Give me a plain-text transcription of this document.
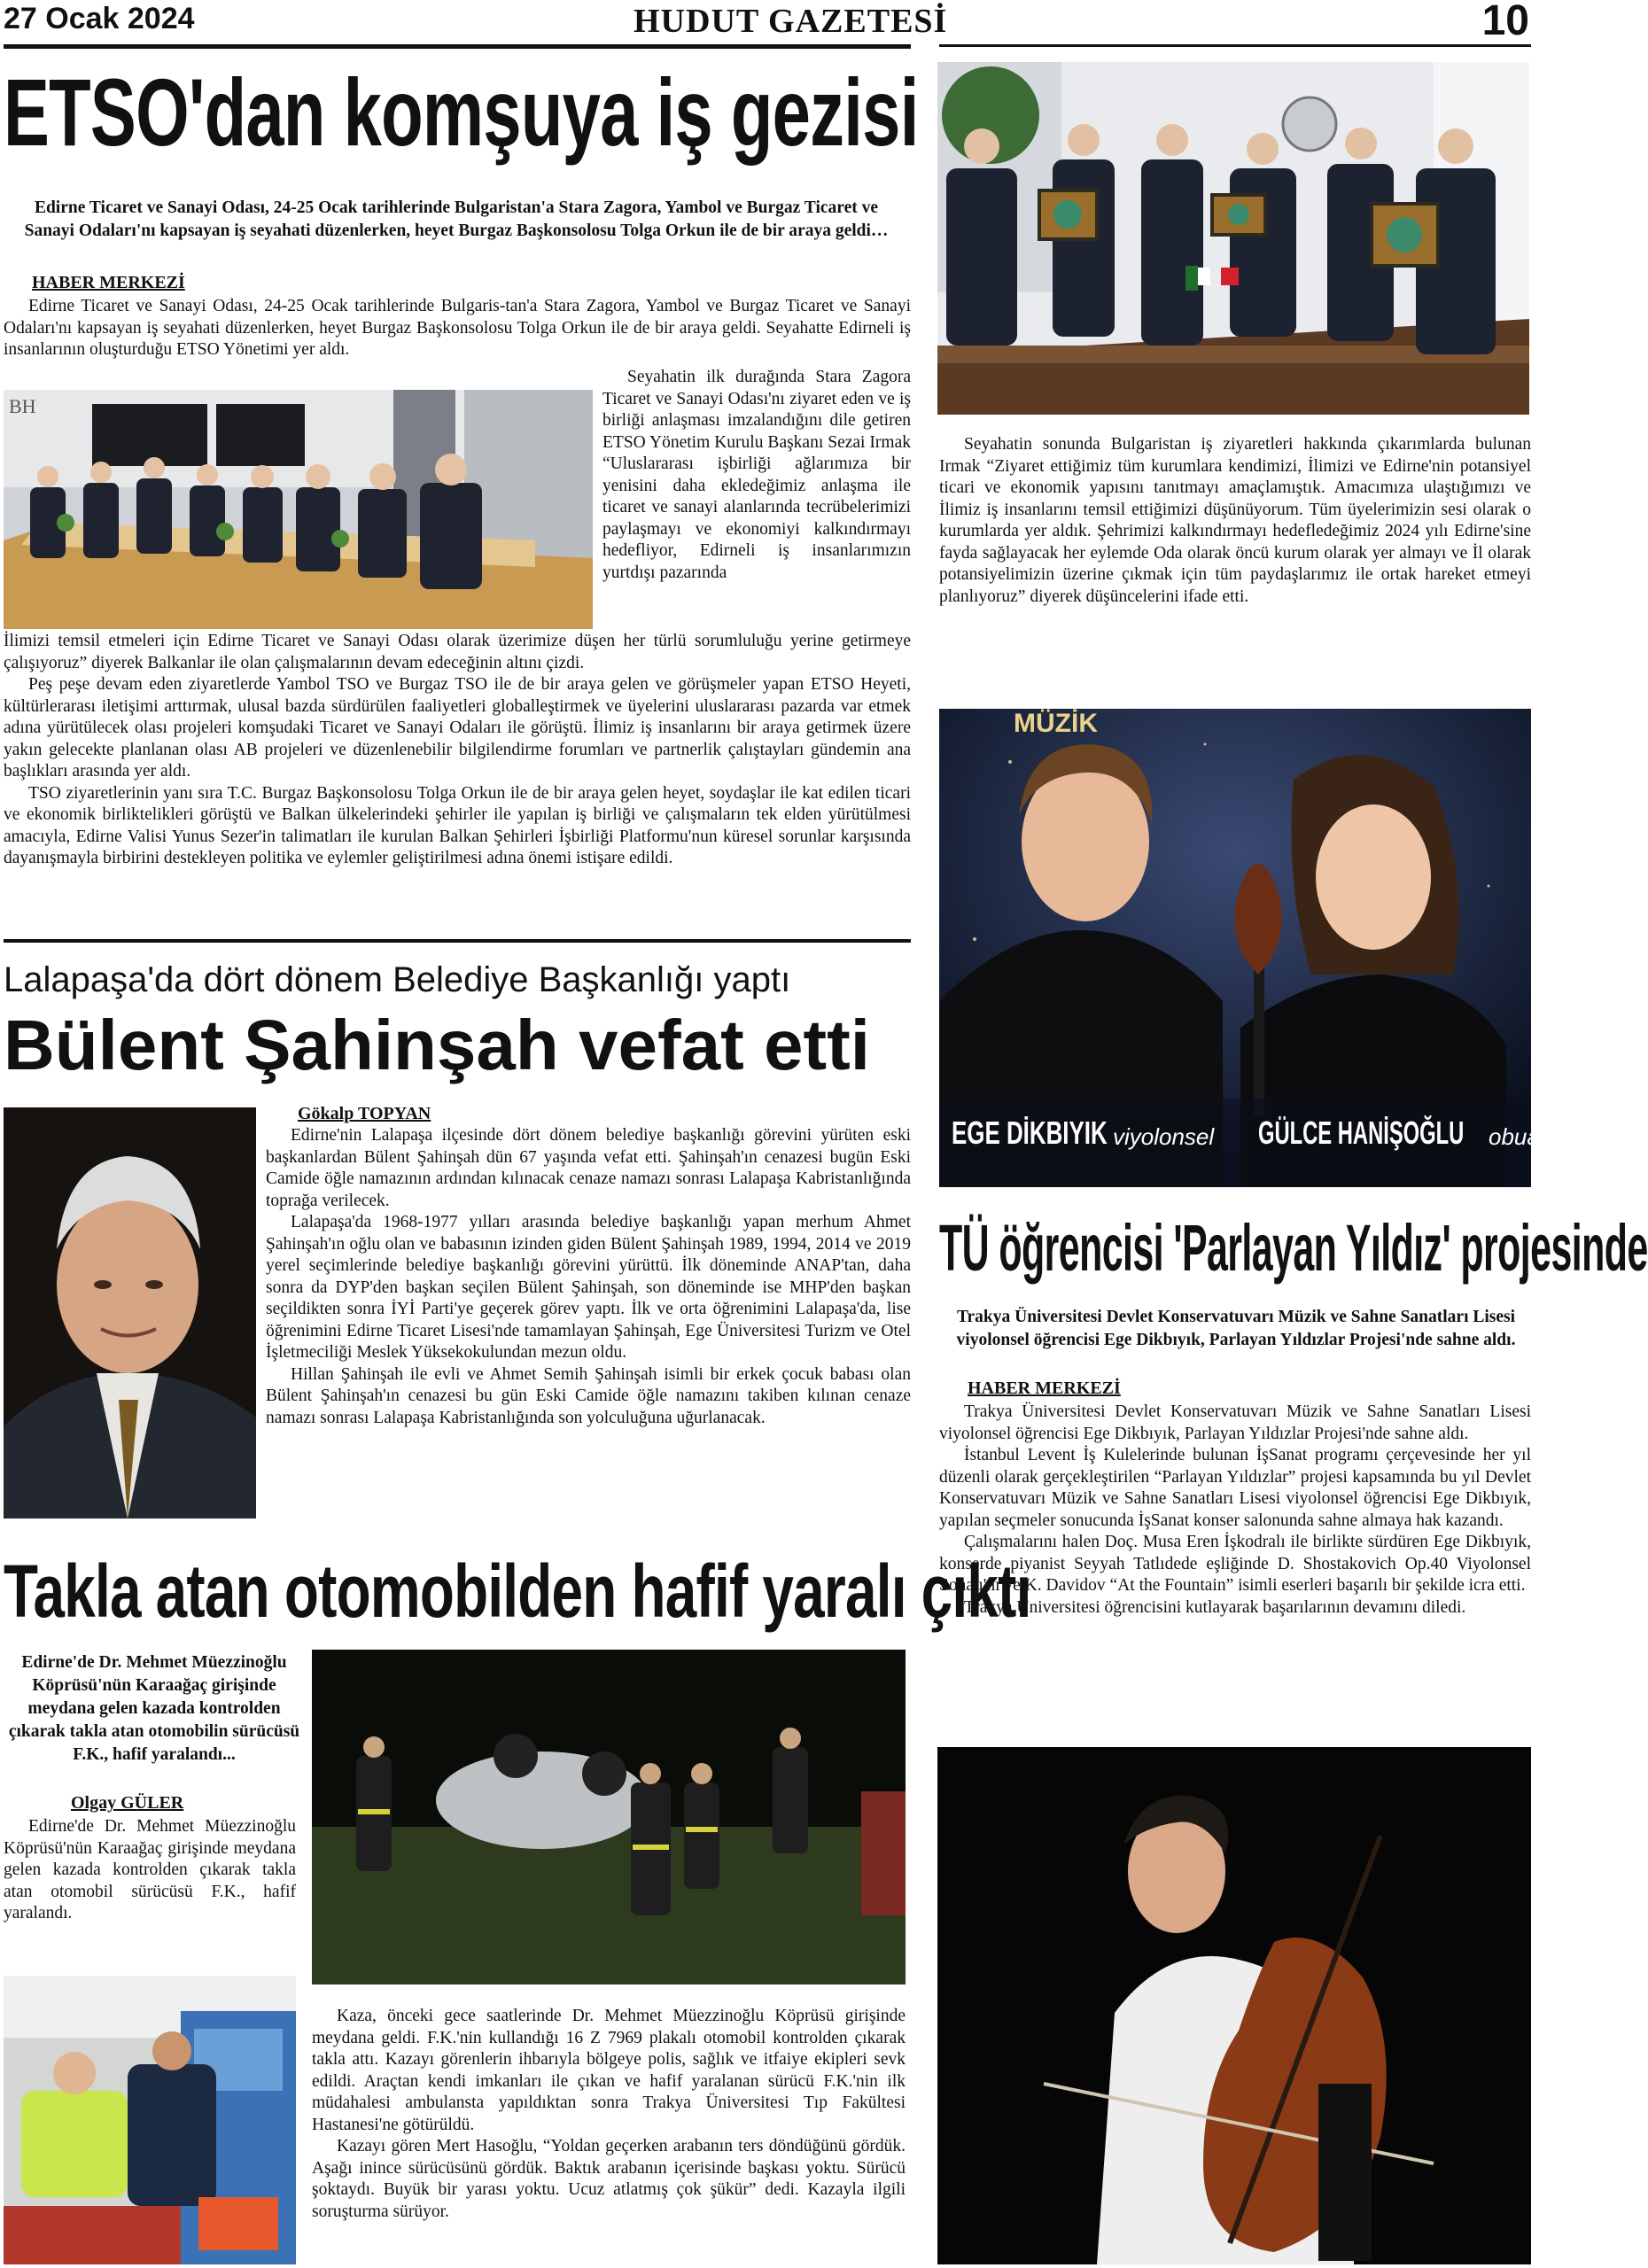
27 Ocak 2024	HUDUT GAZETESİ	10
ETSO'dan komşuya iş gezisi
Edirne Ticaret ve Sanayi Odası, 24-25 Ocak tarihlerinde Bulgaristan'a Stara Zagora, Yambol ve Burgaz Ticaret ve Sanayi Odaları'nı kapsayan iş seyahati düzenlerken, heyet Burgaz Başkonsolosu Tolga Orkun ile de bir araya geldi…
HABER MERKEZİ

Edirne Ticaret ve Sanayi Odası, 24-25 Ocak tarihlerinde Bulgaris-tan'a Stara Zagora, Yambol ve Burgaz Ticaret ve Sanayi Odaları'nı kapsayan iş seyahati düzenlerken, heyet Burgaz Başkonsolosu Tolga Orkun ile de bir araya geldi. Seyahatte Edirneli iş insanlarının oluşturduğu ETSO Yönetimi yer aldı.

BH

Seyahatin ilk durağında Stara Zagora Ticaret ve Sanayi Odası'nı ziyaret eden ve iş birliği anlaşması imzalandığını dile getiren ETSO Yönetim Kurulu Başkanı Sezai Irmak “Uluslararası işbirliği ağlarımıza bir yenisini daha ekledeğimiz anlaşma ile ticaret ve sanayi alanlarında tecrübelerimizi paylaşmayı ve ekonomiyi kalkındırmayı hedefliyor, Edirneli iş insanlarımızın yurtdışı pazarında

İlimizi temsil etmeleri için Edirne Ticaret ve Sanayi Odası olarak üzerimize düşen her türlü sorumluluğu yerine getirmeye çalışıyoruz” diyerek Balkanlar ile olan çalışmalarının devam edeceğinin altını çizdi.

Peş peşe devam eden ziyaretlerde Yambol TSO ve Burgaz TSO ile de bir araya gelen ve görüşmeler yapan ETSO Heyeti, kültürlerarası iletişimi arttırmak, ulusal bazda sürdürülen faaliyetleri globalleştirmek ve üyelerini uluslararası pazarda var etmek adına yürütülecek olası projeleri komşudaki Ticaret ve Sanayi Odaları ile görüştü. İlimiz iş insanlarını bir araya getirmek üzere yakın gelecekte planlanan olası AB projeleri ve düzenlenebilir bilgilendirme forumları ve partnerlik çalıştayları gündemin ana başlıkları arasında yer aldı.

TSO ziyaretlerinin yanı sıra T.C. Burgaz Başkonsolosu Tolga Orkun ile de bir araya gelen heyet, soydaşlar ile kat edilen ticari ve ekonomik birliktelikleri görüştü ve Balkan ülkelerindeki şehirler ile yapılan iş birliği ve çalışmaların tek elden yürütülmesi amacıyla, Edirne Valisi Yunus Sezer'in talimatları ile kurulan Balkan Şehirleri İşbirliği Platformu'nun küresel sorunlar karşısında dayanışmayla birbirini destekleyen politika ve eylemler geliştirilmesi adına önemi istişare edildi.

Seyahatin sonunda Bulgaristan iş ziyaretleri hakkında çıkarımlarda bulunan Irmak “Ziyaret ettiğimiz tüm kurumlara kendimizi, İlimizi ve Edirne'nin potansiyel ticari ve ekonomik yapısını tanıtmayı amaçlamıştık. Amacımıza ulaştığımızı ve İlimiz iş insanlarını temsil ettiğimizi düşünüyorum. Tüm üyelerimizin sesi olarak o kurumlarda yer aldık. Şehrimizi kalkındırmayı hedefledeğimiz 2024 yılı Edirne'sine fayda sağlayacak her eylemde Oda olarak öncü kurum olarak yer almayı ve İl olarak potansiyelimizin üzerine çıkmak için tüm paydaşlarımız ile ortak hareket etmeyi planlıyoruz” diyerek düşüncelerini ifade etti.

Lalapaşa'da dört dönem Belediye Başkanlığı yaptı
Bülent Şahinşah vefat etti
Gökalp TOPYAN

Edirne'nin Lalapaşa ilçesinde dört dönem belediye başkanlığı görevini yürüten eski başkanlardan Bülent Şahinşah dün 67 yaşında vefat etti. Şahinşah'ın cenazesi bugün Eski Camide öğle namazının ardından kılınacak cenaze namazı sonrası Lalapaşa Kabristanlığında toprağa verilecek.

Lalapaşa'da 1968-1977 yılları arasında belediye başkanlığı yapan merhum Ahmet Şahinşah'ın oğlu olan ve babasının izinden giden Bülent Şahinşah 1989, 1994, 2014 ve 2019 yerel seçimlerinde belediye başkanlığı görevini yürüttü. İlk döneminde ANAP'tan, daha sonra da DYP'den başkan seçilen Bülent Şahinşah, son döneminde ise MHP'den başkan seçildikten sonra İYİ Parti'ye geçerek görev yaptı. İlk ve orta öğrenimini Lalapaşa'da, lise öğrenimini Edirne Ticaret Lisesi'nde tamamlayan Şahinşah, Ege Üniversitesi Turizm ve Otel İşletmeciliği Meslek Yüksekokulundan mezun oldu.

Hillan Şahinşah ile evli ve Ahmet Semih Şahinşah isimli bir erkek çocuk babası olan Bülent Şahinşah'ın cenazesi bu gün Eski Camide öğle namazını takiben kılınan cenaze namazı sonrası Lalapaşa Kabristanlığında son yolculuğuna uğurlanacak.

Takla atan otomobilden hafif yaralı çıktı
Edirne'de Dr. Mehmet Müezzinoğlu Köprüsü'nün Karaağaç girişinde meydana gelen kazada kontrolden çıkarak takla atan otomobilin sürücüsü F.K., hafif yaralandı...
Olgay GÜLER

Edirne'de Dr. Mehmet Müezzinoğlu Köprüsü'nün Karaağaç girişinde meydana gelen kazada kontrolden çıkarak takla atan otomobil sürücüsü F.K., hafif yaralandı.

Kaza, önceki gece saatlerinde Dr. Mehmet Müezzinoğlu Köprüsü girişinde meydana geldi. F.K.'nin kullandığı 16 Z 7969 plakalı otomobil kontrolden çıkarak takla attı. Kazayı görenlerin ihbarıyla bölgeye polis, sağlık ve itfaiye ekipleri sevk edildi. Araçtan kendi imkanları ile çıkan ve hafif yaralanan sürücü F.K.'nin ilk müdahalesi ambulansta yapıldıktan sonra Trakya Üniversitesi Tıp Fakültesi Hastanesi'ne götürüldü.

Kazayı gören Mert Hasoğlu, “Yoldan geçerken arabanın ters döndüğünü gördük. Aşağı inince sürücüsünü gördük. Baktık arabanın içerisinde başkası yoktu. Sürücü şoktaydı. Buyük bir yarası yoktu. Ucuz atlatmış çok şükür” dedi. Kazayla ilgili soruşturma sürüyor.

MÜZİK
EGE DİKBIYIK viyolonsel GÜLCE HANİŞOĞLU	obua
TÜ öğrencisi 'Parlayan Yıldız' projesinde
Trakya Üniversitesi Devlet Konservatuvarı Müzik ve Sahne Sanatları Lisesi viyolonsel öğrencisi Ege Dikbıyık, Parlayan Yıldızlar Projesi'nde sahne aldı.
HABER MERKEZİ

Trakya Üniversitesi Devlet Konservatuvarı Müzik ve Sahne Sanatları Lisesi viyolonsel öğrencisi Ege Dikbıyık, Parlayan Yıldızlar Projesi'nde sahne aldı.

İstanbul Levent İş Kulelerinde bulunan İşSanat programı çerçevesinde her yıl düzenli olarak gerçekleştirilen “Parlayan Yıldızlar” projesi kapsamında bu yıl Devlet Konservatuvarı Müzik ve Sahne Sanatları Lisesi viyolonsel öğrencisi Ege Dikbıyık, yapılan seçmeler sonucunda İşSanat konser salonunda sahne almaya hak kazandı.

Çalışmalarını halen Doç. Musa Eren İşkodralı ile birlikte sürdüren Ege Dikbıyık, konserde piyanist Seyyah Tatlıdede eşliğinde D. Shostakovich Op.40 Viyolonsel Sonatı'nı ve K. Davidov “At the Fountain” isimli eserleri başarılı bir şekilde icra etti.

Trakya Üniversitesi öğrencisini kutlayarak başarılarının devamını diledi.
